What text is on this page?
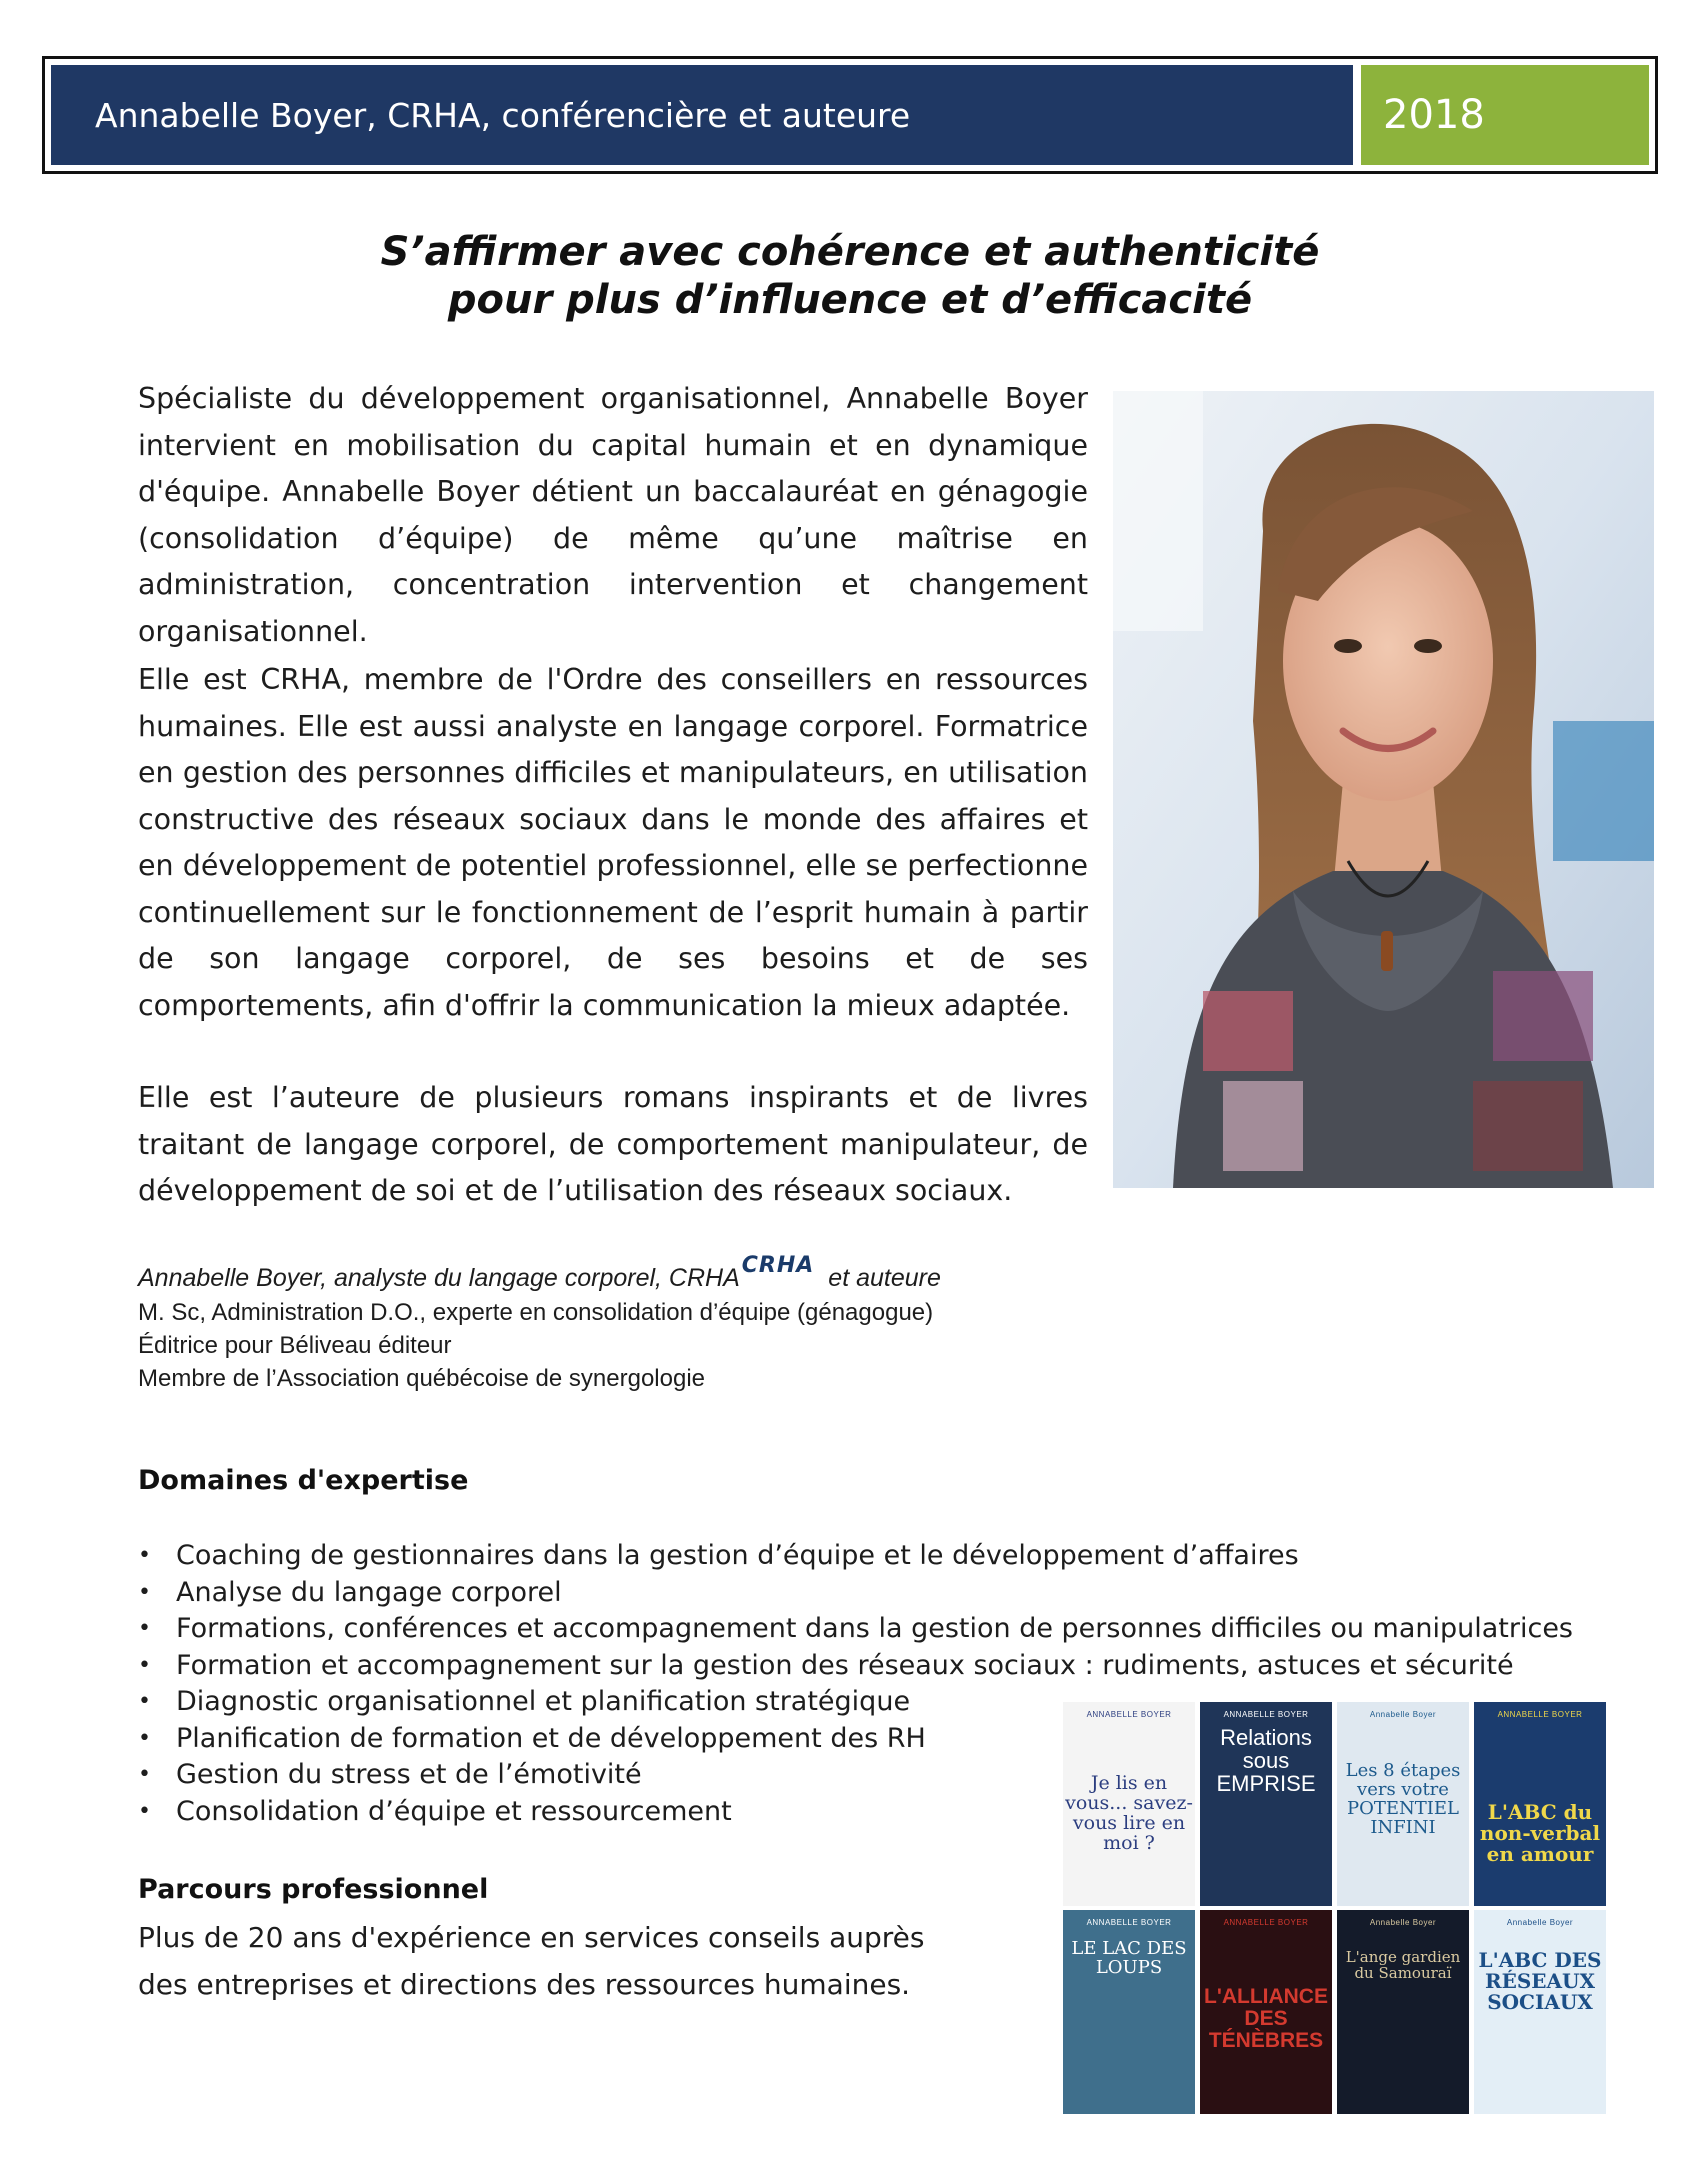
Annabelle Boyer, CRHA, conférencière et auteure	2018
S’affirmer avec cohérence et authenticité
pour plus d’influence et d’efficacité
Spécialiste du développement organisationnel, Annabelle Boyer intervient en mobilisation du capital humain et en dynamique d'équipe. Annabelle Boyer détient un baccalauréat en génagogie (consolidation d’équipe) de même qu’une maîtrise en administration, concentration intervention et changement organisationnel.
Elle est CRHA, membre de l'Ordre des conseillers en ressources humaines. Elle est aussi analyste en langage corporel. Formatrice en gestion des personnes difficiles et manipulateurs, en utilisation constructive des réseaux sociaux dans le monde des affaires et en développement de potentiel professionnel, elle se perfectionne continuellement sur le fonctionnement de l’esprit humain à partir de son langage corporel, de ses besoins et de ses comportements, afin d'offrir la communication la mieux adaptée.
Elle est l’auteure de plusieurs romans inspirants et de livres traitant de langage corporel, de comportement manipulateur, de développement de soi et de l’utilisation des réseaux sociaux.
Annabelle Boyer, analyste du langage corporel, CRHACRHA et auteure
M. Sc, Administration D.O., experte en consolidation d’équipe (génagogue)
Éditrice pour Béliveau éditeur
Membre de l’Association québécoise de synergologie
Domaines d'expertise
• Coaching de gestionnaires dans la gestion d’équipe et le développement d’affaires
• Analyse du langage corporel
• Formations, conférences et accompagnement dans la gestion de personnes difficiles ou manipulatrices
• Formation et accompagnement sur la gestion des réseaux sociaux : rudiments, astuces et sécurité
• Diagnostic organisationnel et planification stratégique
• Planification de formation et de développement des RH
• Gestion du stress et de l’émotivité
• Consolidation d’équipe et ressourcement
Parcours professionnel
Plus de 20 ans d'expérience en services conseils auprès des entreprises et directions des ressources humaines.
ANNABELLE BOYER
Je lis en vous... savez-vous lire en moi ?
ANNABELLE BOYER
Relations sous EMPRISE
Annabelle Boyer
Les 8 étapes vers votre POTENTIEL INFINI
ANNABELLE BOYER
L'ABC du non-verbal en amour
ANNABELLE BOYER
LE LAC DES LOUPS
ANNABELLE BOYER
L'ALLIANCE DES TÉNÈBRES
Annabelle Boyer
L'ange gardien du Samouraï
Annabelle Boyer
L'ABC DES RÉSEAUX SOCIAUX
